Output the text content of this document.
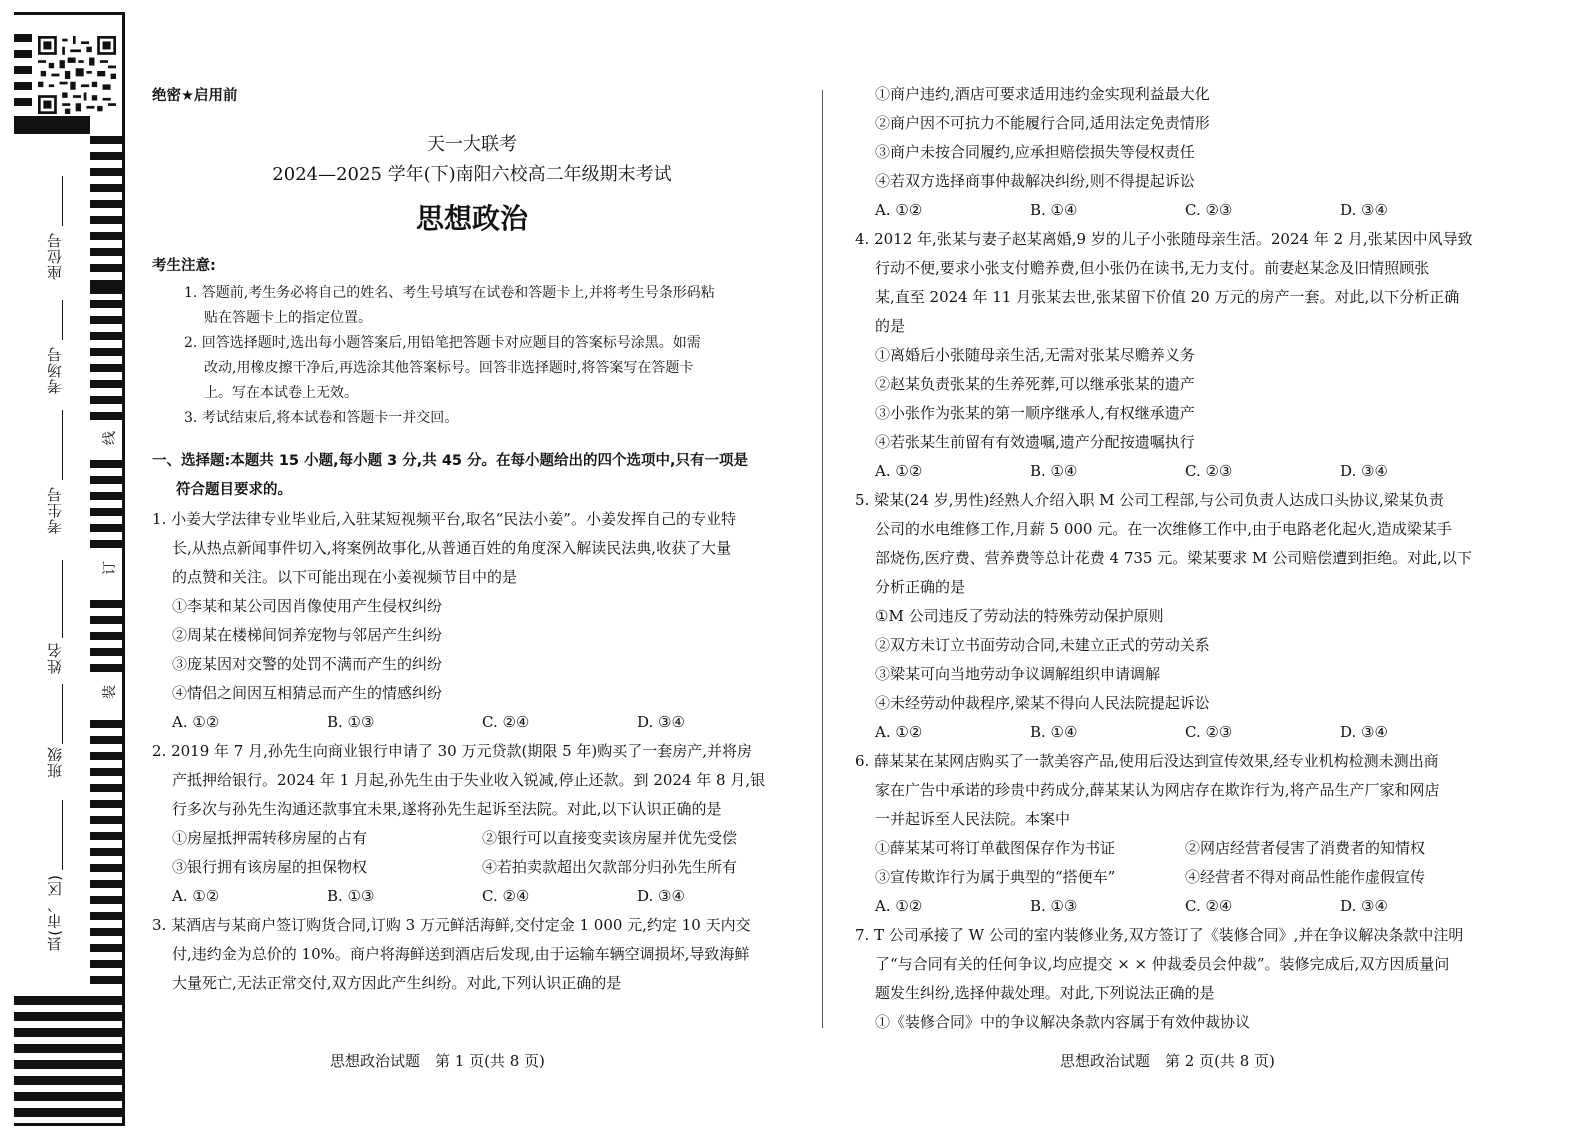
座位号
考场号
考生号
姓名
班级
县(市、区)
线
订
装
绝密★启用前
天一大联考
2024—2025 学年(下)南阳六校高二年级期末考试
思想政治
考生注意:
1. 答题前,考生务必将自己的姓名、考生号填写在试卷和答题卡上,并将考生号条形码粘
贴在答题卡上的指定位置。
2. 回答选择题时,选出每小题答案后,用铅笔把答题卡对应题目的答案标号涂黑。如需
改动,用橡皮擦干净后,再选涂其他答案标号。回答非选择题时,将答案写在答题卡
上。写在本试卷上无效。
3. 考试结束后,将本试卷和答题卡一并交回。
一、选择题:本题共 15 小题,每小题 3 分,共 45 分。在每小题给出的四个选项中,只有一项是
符合题目要求的。
1. 小姜大学法律专业毕业后,入驻某短视频平台,取名“民法小姜”。小姜发挥自己的专业特
长,从热点新闻事件切入,将案例故事化,从普通百姓的角度深入解读民法典,收获了大量
的点赞和关注。以下可能出现在小姜视频节目中的是
①李某和某公司因肖像使用产生侵权纠纷
②周某在楼梯间饲养宠物与邻居产生纠纷
③庞某因对交警的处罚不满而产生的纠纷
④情侣之间因互相猜忌而产生的情感纠纷
A. ①②	B. ①③	C. ②④	D. ③④
2. 2019 年 7 月,孙先生向商业银行申请了 30 万元贷款(期限 5 年)购买了一套房产,并将房
产抵押给银行。2024 年 1 月起,孙先生由于失业收入锐减,停止还款。到 2024 年 8 月,银
行多次与孙先生沟通还款事宜未果,遂将孙先生起诉至法院。对此,以下认识正确的是
①房屋抵押需转移房屋的占有	②银行可以直接变卖该房屋并优先受偿
③银行拥有该房屋的担保物权	④若拍卖款超出欠款部分归孙先生所有
A. ①②	B. ①③	C. ②④	D. ③④
3. 某酒店与某商户签订购货合同,订购 3 万元鲜活海鲜,交付定金 1 000 元,约定 10 天内交
付,违约金为总价的 10%。商户将海鲜送到酒店后发现,由于运输车辆空调损坏,导致海鲜
大量死亡,无法正常交付,双方因此产生纠纷。对此,下列认识正确的是
①商户违约,酒店可要求适用违约金实现利益最大化
②商户因不可抗力不能履行合同,适用法定免责情形
③商户未按合同履约,应承担赔偿损失等侵权责任
④若双方选择商事仲裁解决纠纷,则不得提起诉讼
A. ①②	B. ①④	C. ②③	D. ③④
4. 2012 年,张某与妻子赵某离婚,9 岁的儿子小张随母亲生活。2024 年 2 月,张某因中风导致
行动不便,要求小张支付赡养费,但小张仍在读书,无力支付。前妻赵某念及旧情照顾张
某,直至 2024 年 11 月张某去世,张某留下价值 20 万元的房产一套。对此,以下分析正确
的是
①离婚后小张随母亲生活,无需对张某尽赡养义务
②赵某负责张某的生养死葬,可以继承张某的遗产
③小张作为张某的第一顺序继承人,有权继承遗产
④若张某生前留有有效遗嘱,遗产分配按遗嘱执行
A. ①②	B. ①④	C. ②③	D. ③④
5. 梁某(24 岁,男性)经熟人介绍入职 M 公司工程部,与公司负责人达成口头协议,梁某负责
公司的水电维修工作,月薪 5 000 元。在一次维修工作中,由于电路老化起火,造成梁某手
部烧伤,医疗费、营养费等总计花费 4 735 元。梁某要求 M 公司赔偿遭到拒绝。对此,以下
分析正确的是
①M 公司违反了劳动法的特殊劳动保护原则
②双方未订立书面劳动合同,未建立正式的劳动关系
③梁某可向当地劳动争议调解组织申请调解
④未经劳动仲裁程序,梁某不得向人民法院提起诉讼
A. ①②	B. ①④	C. ②③	D. ③④
6. 薛某某在某网店购买了一款美容产品,使用后没达到宣传效果,经专业机构检测未测出商
家在广告中承诺的珍贵中药成分,薛某某认为网店存在欺诈行为,将产品生产厂家和网店
一并起诉至人民法院。本案中
①薛某某可将订单截图保存作为书证	②网店经营者侵害了消费者的知情权
③宣传欺诈行为属于典型的“搭便车”	④经营者不得对商品性能作虚假宣传
A. ①②	B. ①③	C. ②④	D. ③④
7. T 公司承接了 W 公司的室内装修业务,双方签订了《装修合同》,并在争议解决条款中注明
了“与合同有关的任何争议,均应提交 × × 仲裁委员会仲裁”。装修完成后,双方因质量问
题发生纠纷,选择仲裁处理。对此,下列说法正确的是
①《装修合同》中的争议解决条款内容属于有效仲裁协议
思想政治试题　第 1 页(共 8 页)	思想政治试题　第 2 页(共 8 页)
